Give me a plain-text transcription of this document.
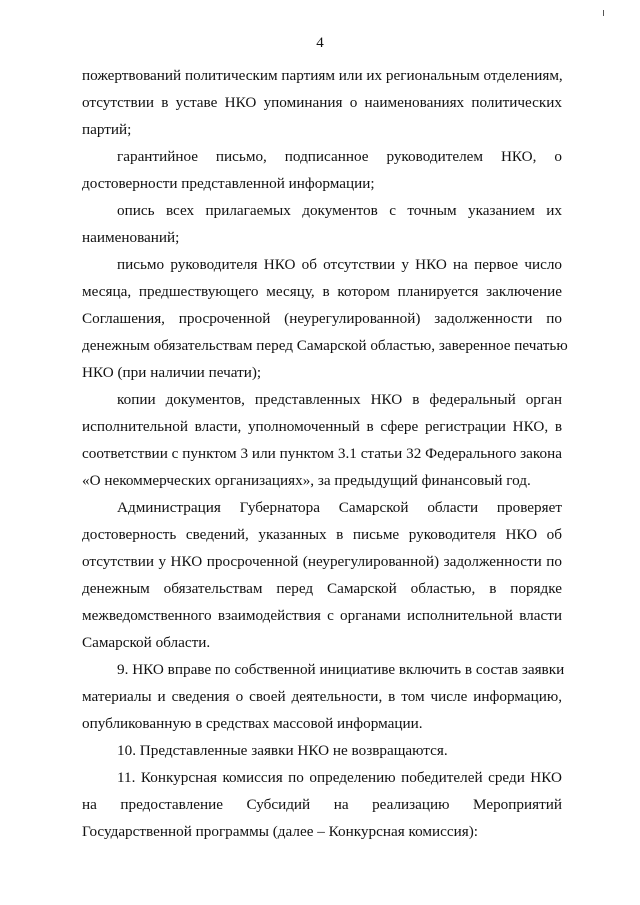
4
пожертвований политическим партиям или их региональным отделениям,
отсутствии в уставе НКО упоминания о наименованиях политических
партий;
гарантийное письмо, подписанное руководителем НКО, о
достоверности представленной информации;
опись всех прилагаемых документов с точным указанием их
наименований;
письмо руководителя НКО об отсутствии у НКО на первое число
месяца, предшествующего месяцу, в котором планируется заключение
Соглашения, просроченной (неурегулированной) задолженности по
денежным обязательствам перед Самарской областью, заверенное печатью
НКО (при наличии печати);
копии документов, представленных НКО в федеральный орган
исполнительной власти, уполномоченный в сфере регистрации НКО, в
соответствии с пунктом 3 или пунктом 3.1 статьи 32 Федерального закона
«О некоммерческих организациях», за предыдущий финансовый год.
Администрация Губернатора Самарской области проверяет
достоверность сведений, указанных в письме руководителя НКО об
отсутствии у НКО просроченной (неурегулированной) задолженности по
денежным обязательствам перед Самарской областью, в порядке
межведомственного взаимодействия с органами исполнительной власти
Самарской области.
9. НКО вправе по собственной инициативе включить в состав заявки
материалы и сведения о своей деятельности, в том числе информацию,
опубликованную в средствах массовой информации.
10. Представленные заявки НКО не возвращаются.
11. Конкурсная комиссия по определению победителей среди НКО
на предоставление Субсидий на реализацию Мероприятий
Государственной программы (далее – Конкурсная комиссия):
